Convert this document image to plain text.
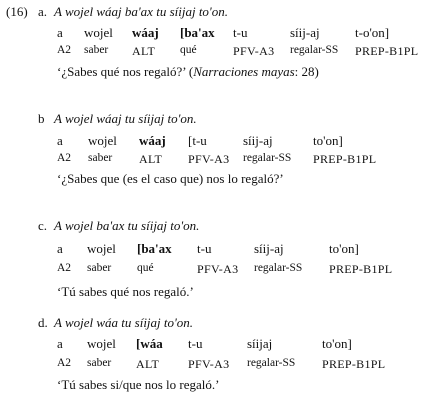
(16) a. A wojel wáaj ba'ax tu síijaj to'on.
a wojel wáaj [ba'ax t-u	síij-aj	t-o'on]
A2 saber ALT qué	PFV-A3 regalar-SS PREP-B1PL
‘¿Sabes qué nos regaló?’ (Narraciones mayas: 28)
b A wojel wáaj tu síijaj to'on.
a wojel wáaj [t-u	síij-aj	to'on]
A2 saber ALT PFV-A3 regalar-SS PREP-B1PL
‘¿Sabes que (es el caso que) nos lo regaló?’
c. A wojel ba'ax tu síijaj to'on.
a wojel [ba'ax t-u	síij-aj	to'on]
A2 saber qué	PFV-A3 regalar-SS PREP-B1PL
‘Tú sabes qué nos regaló.’
d. A wojel wáa tu síijaj to'on.
a wojel [wáa t-u	síijaj	to'on]
A2 saber ALT PFV-A3 regalar-SS PREP-B1PL
‘Tú sabes si/que nos lo regaló.’
